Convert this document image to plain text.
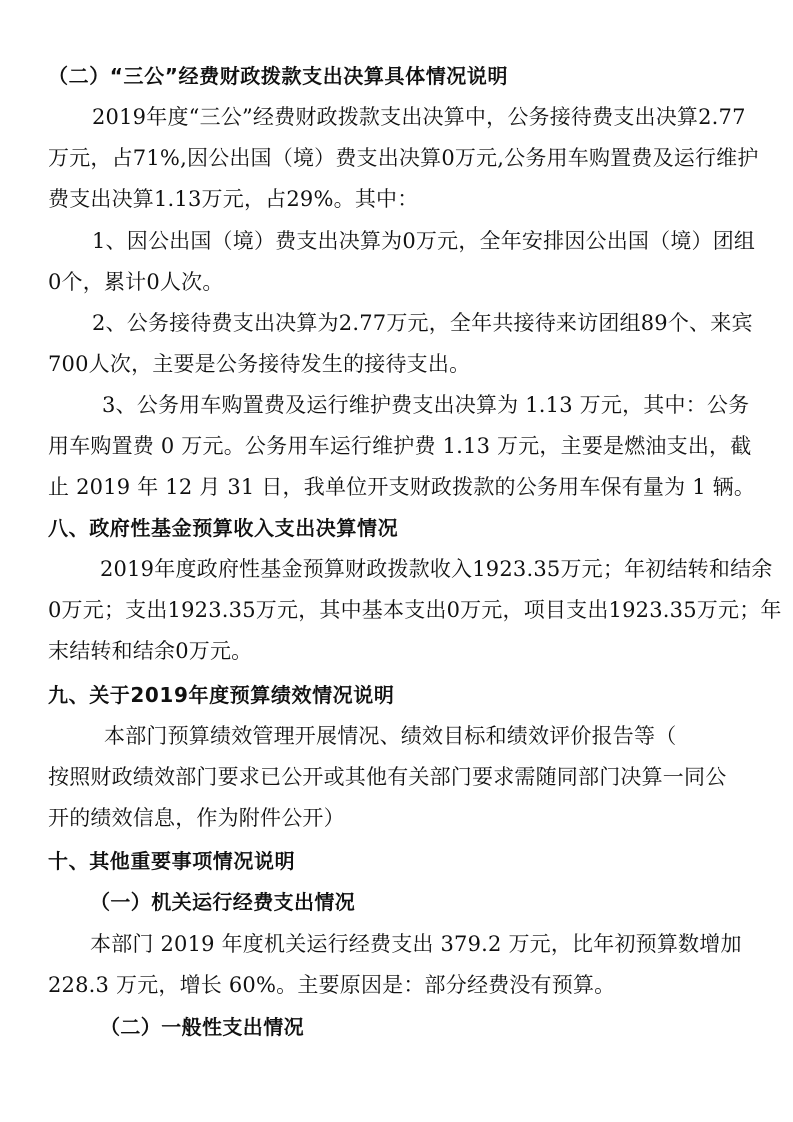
（二）“三公”经费财政拨款支出决算具体情况说明

2019年度“三公”经费财政拨款支出决算中，公务接待费支出决算2.77

万元，占71%,因公出国（境）费支出决算0万元,公务用车购置费及运行维护

费支出决算1.13万元，占29%。其中：

1、因公出国（境）费支出决算为0万元，全年安排因公出国（境）团组

0个，累计0人次。

2、公务接待费支出决算为2.77万元，全年共接待来访团组89个、来宾

700人次，主要是公务接待发生的接待支出。

3、公务用车购置费及运行维护费支出决算为 1.13 万元，其中：公务

用车购置费 0 万元。公务用车运行维护费 1.13 万元，主要是燃油支出，截

止 2019 年 12 月 31 日，我单位开支财政拨款的公务用车保有量为 1 辆。

八、政府性基金预算收入支出决算情况

2019年度政府性基金预算财政拨款收入1923.35万元；年初结转和结余

0万元；支出1923.35万元，其中基本支出0万元，项目支出1923.35万元；年

末结转和结余0万元。

九、关于2019年度预算绩效情况说明

本部门预算绩效管理开展情况、绩效目标和绩效评价报告等（

按照财政绩效部门要求已公开或其他有关部门要求需随同部门决算一同公

开的绩效信息，作为附件公开）

十、其他重要事项情况说明

（一）机关运行经费支出情况

本部门 2019 年度机关运行经费支出 379.2 万元，比年初预算数增加

228.3 万元，增长 60%。主要原因是：部分经费没有预算。

（二）一般性支出情况
